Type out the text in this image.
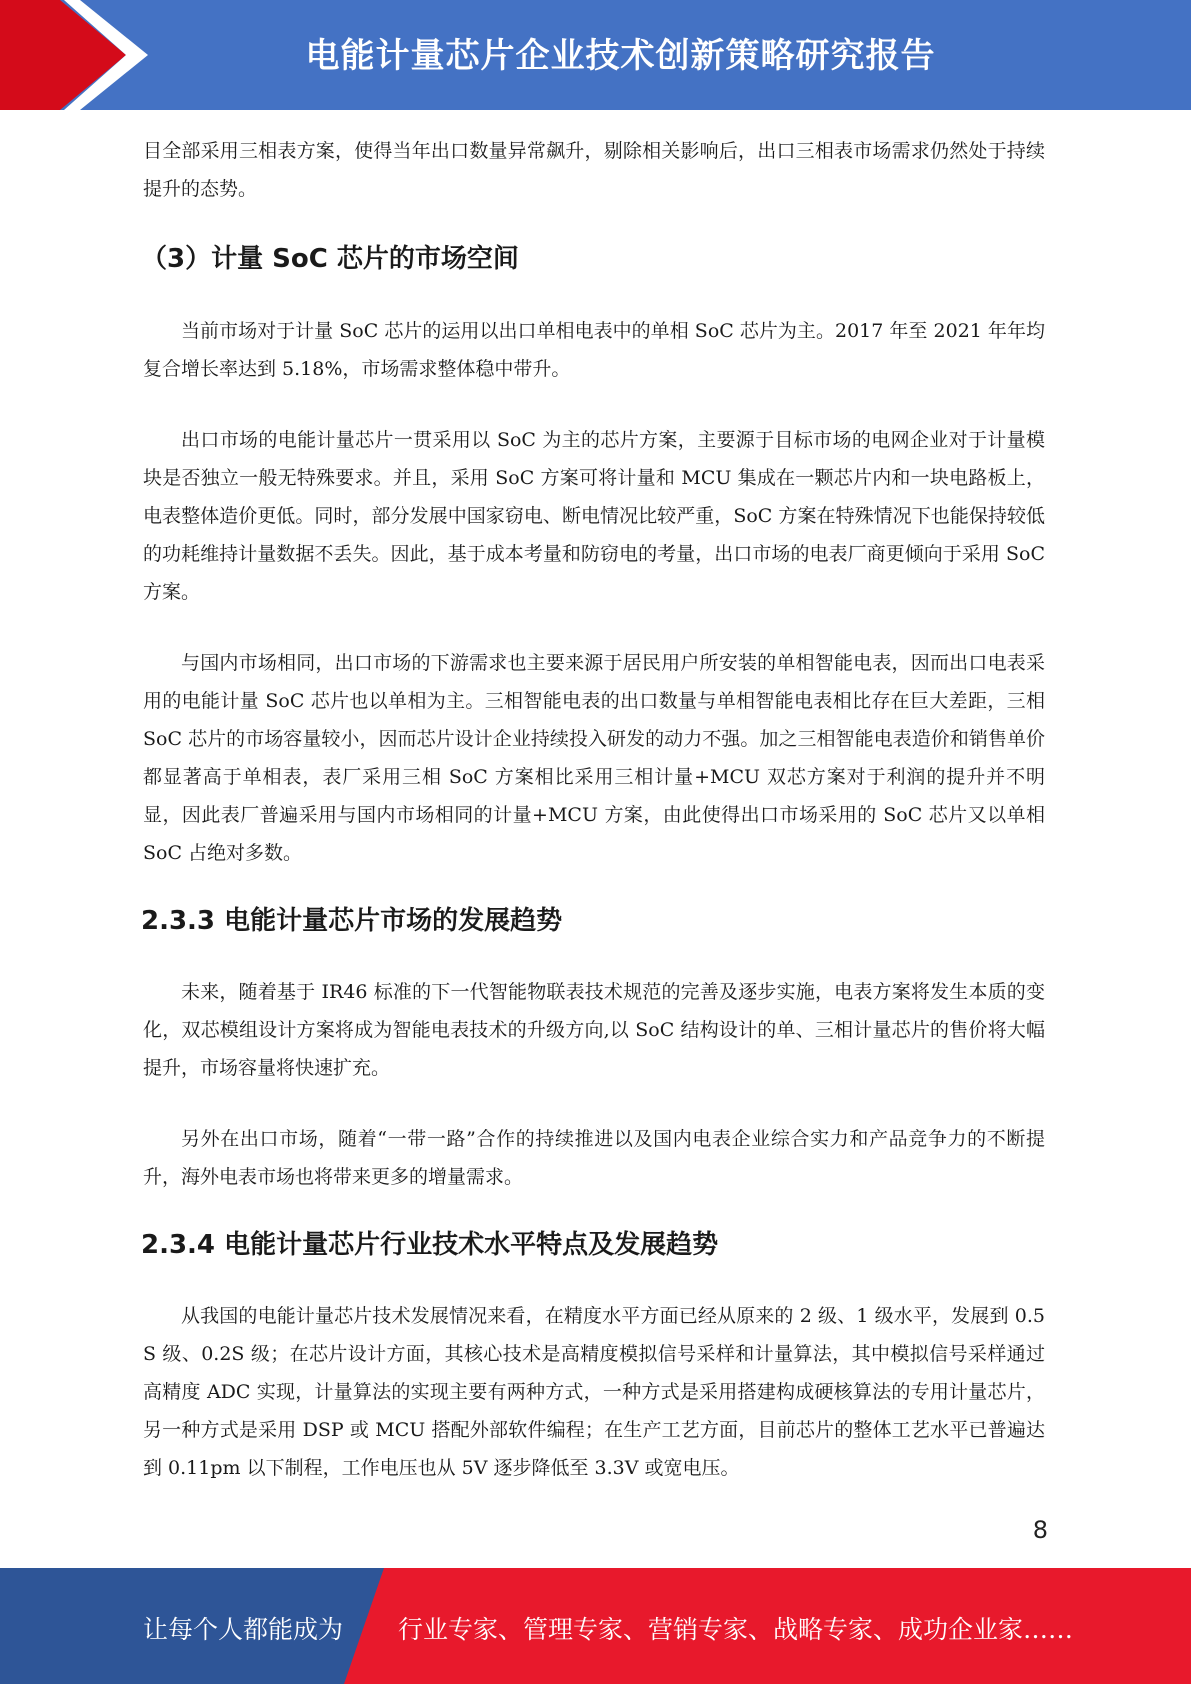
电能计量芯片企业技术创新策略研究报告

目全部采用三相表方案，使得当年出口数量异常飙升，剔除相关影响后，出口三相表市场需求仍然处于持续提升的态势。

（3）计量 SoC 芯片的市场空间

当前市场对于计量 SoC 芯片的运用以出口单相电表中的单相 SoC 芯片为主。2017 年至 2021 年年均复合增长率达到 5.18%，市场需求整体稳中带升。

出口市场的电能计量芯片一贯采用以 SoC 为主的芯片方案，主要源于目标市场的电网企业对于计量模块是否独立一般无特殊要求。并且，采用 SoC 方案可将计量和 MCU 集成在一颗芯片内和一块电路板上，电表整体造价更低。同时，部分发展中国家窃电、断电情况比较严重，SoC 方案在特殊情况下也能保持较低的功耗维持计量数据不丢失。因此，基于成本考量和防窃电的考量，出口市场的电表厂商更倾向于采用 SoC 方案。

与国内市场相同，出口市场的下游需求也主要来源于居民用户所安装的单相智能电表，因而出口电表采用的电能计量 SoC 芯片也以单相为主。三相智能电表的出口数量与单相智能电表相比存在巨大差距，三相 SoC 芯片的市场容量较小，因而芯片设计企业持续投入研发的动力不强。加之三相智能电表造价和销售单价都显著高于单相表，表厂采用三相 SoC 方案相比采用三相计量+MCU 双芯方案对于利润的提升并不明显，因此表厂普遍采用与国内市场相同的计量+MCU 方案，由此使得出口市场采用的 SoC 芯片又以单相 SoC 占绝对多数。

2.3.3 电能计量芯片市场的发展趋势

未来，随着基于 IR46 标准的下一代智能物联表技术规范的完善及逐步实施，电表方案将发生本质的变化，双芯模组设计方案将成为智能电表技术的升级方向,以 SoC 结构设计的单、三相计量芯片的售价将大幅提升，市场容量将快速扩充。

另外在出口市场，随着“一带一路”合作的持续推进以及国内电表企业综合实力和产品竞争力的不断提升，海外电表市场也将带来更多的增量需求。

2.3.4 电能计量芯片行业技术水平特点及发展趋势

从我国的电能计量芯片技术发展情况来看，在精度水平方面已经从原来的 2 级、1 级水平，发展到 0.5S 级、0.2S 级；在芯片设计方面，其核心技术是高精度模拟信号采样和计量算法，其中模拟信号采样通过高精度 ADC 实现，计量算法的实现主要有两种方式，一种方式是采用搭建构成硬核算法的专用计量芯片，另一种方式是采用 DSP 或 MCU 搭配外部软件编程；在生产工艺方面，目前芯片的整体工艺水平已普遍达到 0.11pm 以下制程，工作电压也从 5V 逐步降低至 3.3V 或宽电压。

8
让每个人都能成为 行业专家、管理专家、营销专家、战略专家、成功企业家……
